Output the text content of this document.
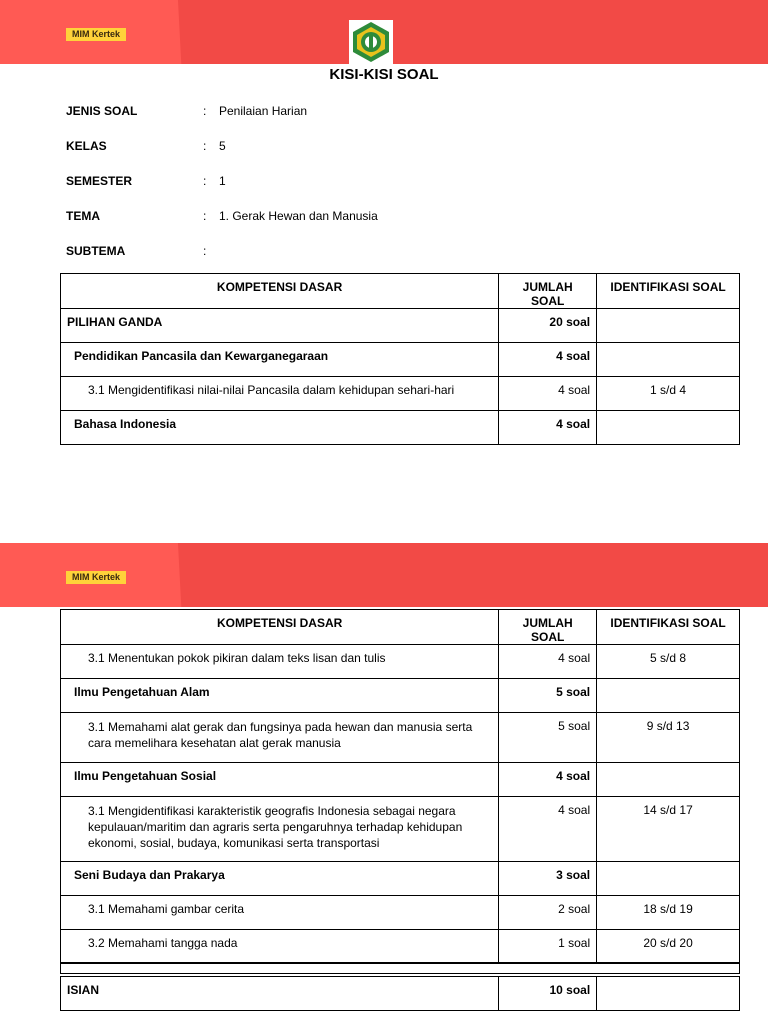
MIM Kertek
KISI-KISI SOAL
JENIS SOAL	: Penilaian Harian
KELAS	: 5
SEMESTER	: 1
TEMA	: 1. Gerak Hewan dan Manusia
SUBTEMA	:
KOMPETENSI DASAR	JUMLAH SOAL	IDENTIFIKASI SOAL
PILIHAN GANDA	20 soal	
Pendidikan Pancasila dan Kewarganegaraan	4 soal	
3.1 Mengidentifikasi nilai-nilai Pancasila dalam kehidupan sehari-hari	4 soal	1 s/d 4
Bahasa Indonesia	4 soal	
MIM Kertek
KOMPETENSI DASAR	JUMLAH SOAL	IDENTIFIKASI SOAL
3.1 Menentukan pokok pikiran dalam teks lisan dan tulis	4 soal	5 s/d 8
Ilmu Pengetahuan Alam	5 soal	
3.1 Memahami alat gerak dan fungsinya pada hewan dan manusia serta cara memelihara kesehatan alat gerak manusia	5 soal	9 s/d 13
Ilmu Pengetahuan Sosial	4 soal	
3.1 Mengidentifikasi karakteristik geografis Indonesia sebagai negara kepulauan/maritim dan agraris serta pengaruhnya terhadap kehidupan ekonomi, sosial, budaya, komunikasi serta transportasi	4 soal	14 s/d 17
Seni Budaya dan Prakarya	3 soal	
3.1 Memahami gambar cerita	2 soal	18 s/d 19
3.2 Memahami tangga nada	1 soal	20 s/d 20
ISIAN	10 soal	
